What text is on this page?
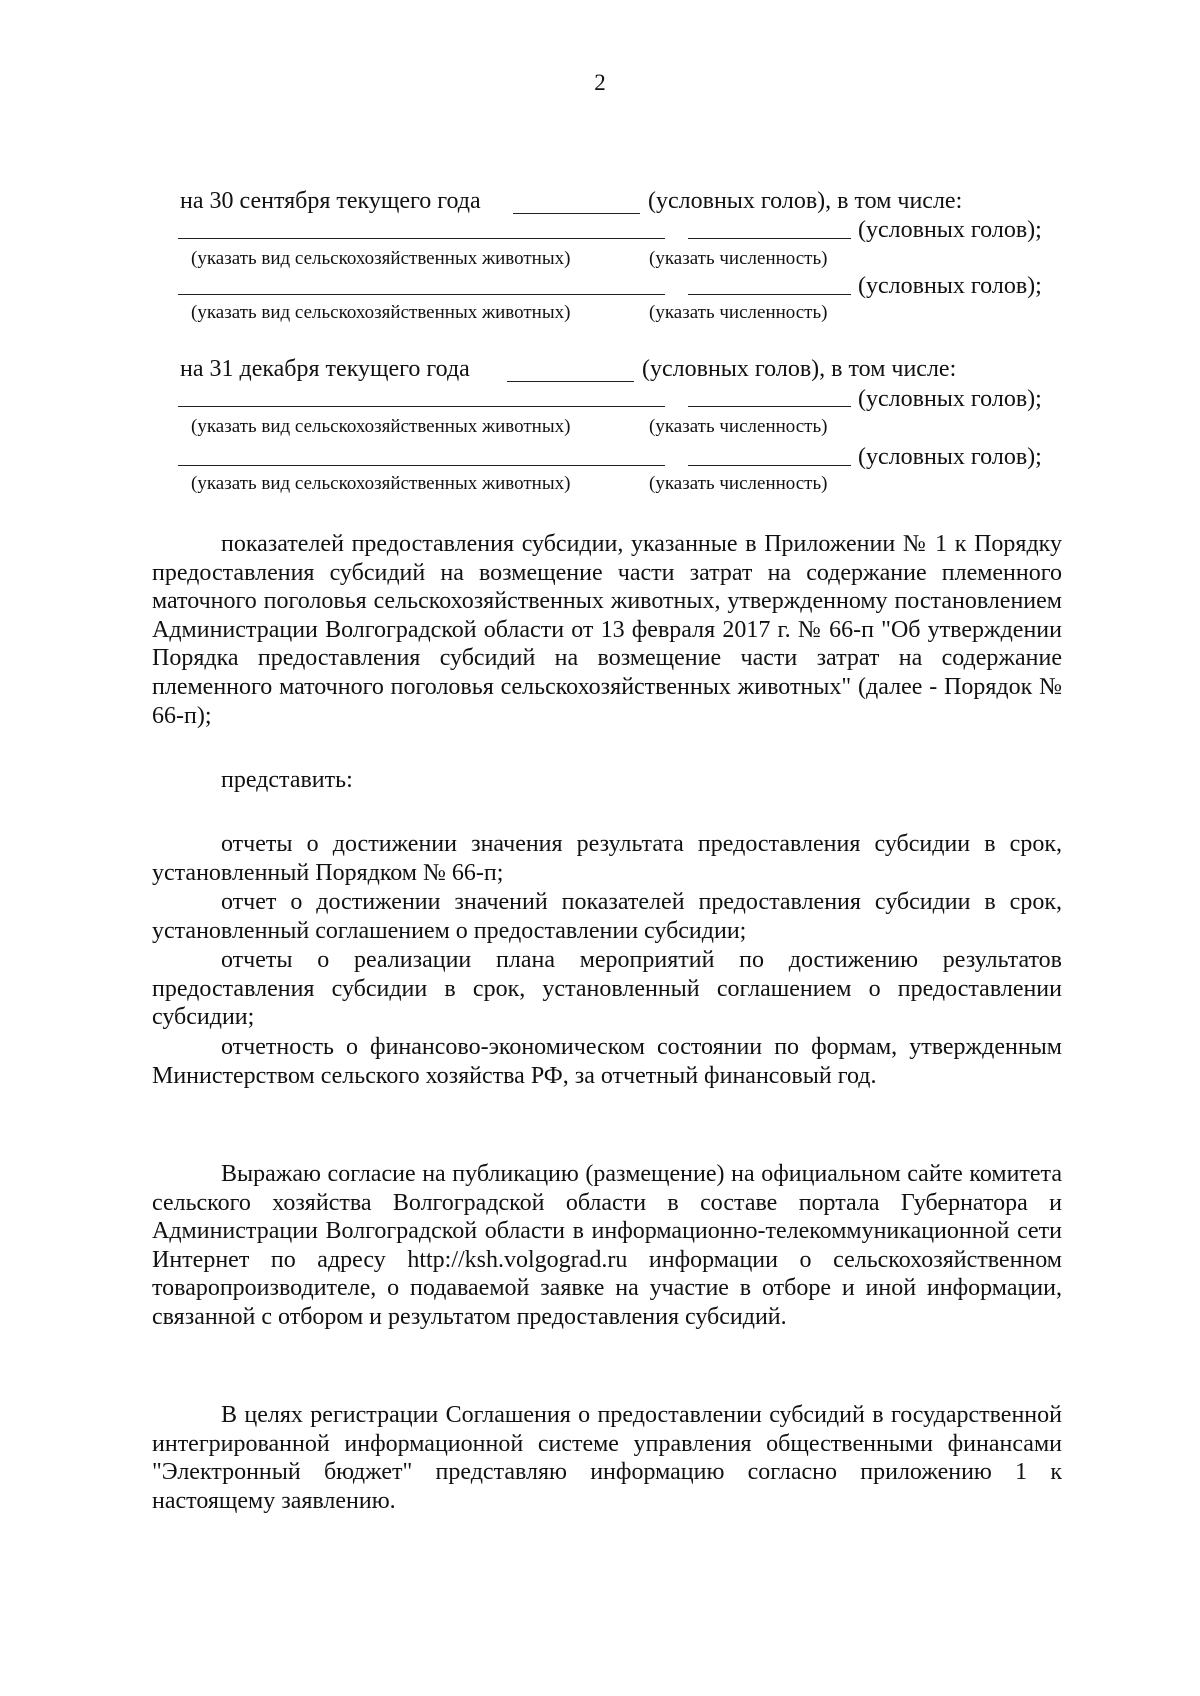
2
на 30 сентября текущего года	(условных голов), в том числе:
(условных голов);
(указать вид сельскохозяйственных животных)	(указать численность)
(условных голов);
(указать вид сельскохозяйственных животных)	(указать численность)
на 31 декабря текущего года	(условных голов), в том числе:
(условных голов);
(указать вид сельскохозяйственных животных)	(указать численность)
(условных голов);
(указать вид сельскохозяйственных животных)	(указать численность)

показателей предоставления субсидии, указанные в Приложении № 1 к Порядку предоставления субсидий на возмещение части затрат на содержание племенного маточного поголовья сельскохозяйственных животных, утвержденному постановлением Администрации Волгоградской области от 13 февраля 2017 г. № 66-п "Об утверждении Порядка предоставления субсидий на возмещение части затрат на содержание племенного маточного поголовья сельскохозяйственных животных" (далее - Порядок № 66-п);

представить:

отчеты о достижении значения результата предоставления субсидии в срок, установленный Порядком № 66-п;

отчет о достижении значений показателей предоставления субсидии в срок, установленный соглашением о предоставлении субсидии;

отчеты о реализации плана мероприятий по достижению результатов предоставления субсидии в срок, установленный соглашением о предоставлении субсидии;

отчетность о финансово-экономическом состоянии по формам, утвержденным Министерством сельского хозяйства РФ, за отчетный финансовый год.

Выражаю согласие на публикацию (размещение) на официальном сайте комитета сельского хозяйства Волгоградской области в составе портала Губернатора и Администрации Волгоградской области в информационно-телекоммуникационной сети Интернет по адресу http://ksh.volgograd.ru информации о сельскохозяйственном товаропроизводителе, о подаваемой заявке на участие в отборе и иной информации, связанной с отбором и результатом предоставления субсидий.

В целях регистрации Соглашения о предоставлении субсидий в государственной интегрированной информационной системе управления общественными финансами "Электронный бюджет" представляю информацию согласно приложению 1 к настоящему заявлению.
